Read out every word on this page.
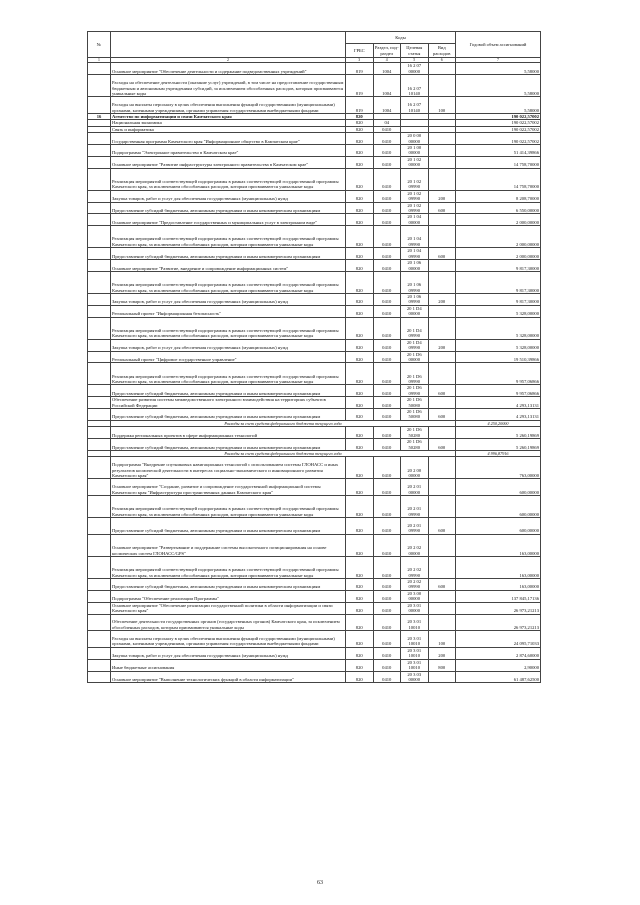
№		Коды				Годовой объем ассигнований
		ГРБС	Раздел, под-раздел	Целевая статья	Вид расходов	
1	2	3	4	5	6	7
	Основное мероприятие "Обеспечение деятельности и содержание подведомственных учреждений"	819	1004	16 2 07 00000		5,58000
	Расходы на обеспечение деятельности (оказание услуг) учреждений, в том числе на предоставление государственным бюджетным и автономным учреждениям субсидий, за исключением обособленных расходов, которым присваиваются уникальные коды	819	1004	16 2 07 10140		5,58000
	Расходы на выплаты персоналу в целях обеспечения выполнения функций государственными (муниципальными) органами, казенными учреждениями, органами управления государственными внебюджетными фондами	819	1004	16 2 07 10140	100	5,58000
16	Агентство по информатизации и связи Камчатского края	820				190 022,57002
	Национальная экономика	820	04			190 022,57002
	Связь и информатика	820	0410			190 022,57002
	Государственная программа Камчатского края "Информационное общество в Камчатском крае"	820	0410	20 0 00 00000		190 022,57002
	Подпрограмма "Электронное правительство в Камчатском крае"	820	0410	20 1 00 00000		51 414,39866
	Основное мероприятие "Развитие инфраструктуры электронного правительства в Камчатском крае"	820	0410	20 1 02 00000		14 758,70000
	Реализация мероприятий соответствующей подпрограммы в рамках соответствующей государственной программы Камчатского края, за исключением обособленных расходов, которым присваиваются уникальные коды	820	0410	20 1 02 09990		14 758,70000
	Закупка товаров, работ и услуг для обеспечения государственных (муниципальных) нужд	820	0410	20 1 02 09990	200	8 208,70000
	Предоставление субсидий бюджетным, автономным учреждениям и иным некоммерческим организациям	820	0410	20 1 02 09990	600	6 550,00000
	Основное мероприятие "Предоставление государственных и муниципальных услуг в электронном виде"	820	0410	20 1 04 00000		2 000,00000
	Реализация мероприятий соответствующей подпрограммы в рамках соответствующей государственной программы Камчатского края, за исключением обособленных расходов, которым присваиваются уникальные коды	820	0410	20 1 04 09990		2 000,00000
	Предоставление субсидий бюджетным, автономным учреждениям и иным некоммерческим организациям	820	0410	20 1 04 09990	600	2 000,00000
	Основное мероприятие "Развитие, внедрение и сопровождение информационных систем"	820	0410	20 1 06 00000		9 817,30000
	Реализация мероприятий соответствующей подпрограммы в рамках соответствующей государственной программы Камчатского края, за исключением обособленных расходов, которым присваиваются уникальные коды	820	0410	20 1 06 09990		9 817,30000
	Закупка товаров, работ и услуг для обеспечения государственных (муниципальных) нужд	820	0410	20 1 06 09990	200	9 817,30000
	Региональный проект "Информационная безопасность"	820	0410	20 1 D4 00000		5 328,00000
	Реализация мероприятий соответствующей подпрограммы в рамках соответствующей государственной программы Камчатского края, за исключением обособленных расходов, которым присваиваются уникальные коды	820	0410	20 1 D4 09990		5 328,00000
	Закупка товаров, работ и услуг для обеспечения государственных (муниципальных) нужд	820	0410	20 1 D4 09990	200	5 328,00000
	Региональный проект "Цифровое государственное управление"	820	0410	20 1 D6 00000		19 510,39866
	Реализация мероприятий соответствующей подпрограммы в рамках соответствующей государственной программы Камчатского края, за исключением обособленных расходов, которым присваиваются уникальные коды	820	0410	20 1 D6 09990		9 957,06866
	Предоставление субсидий бюджетным, автономным учреждениям и иным некоммерческим организациям	820	0410	20 1 D6 09990	600	9 957,06866
	Обеспечение развития системы межведомственного электронного взаимодействия на территориях субъектов Российской Федерации	820	0410	20 1 D6 50080		4 293,13131
	Предоставление субсидий бюджетным, автономным учреждениям и иным некоммерческим организациям	820	0410	20 1 D6 50080	600	4 293,13131
	Расходы за счет средств федерального бюджета текущего года					4 250,20000
	Поддержка региональных проектов в сфере информационных технологий	820	0410	20 1 D6 50280		5 260,19869
	Предоставление субсидий бюджетным, автономным учреждениям и иным некоммерческим организациям	820	0410	20 1 D6 50280	600	5 260,19869
	Расходы за счет средств федерального бюджета текущего года					4 996,87916
	Подпрограмма "Внедрение спутниковых навигационных технологий с использованием системы ГЛОНАСС и иных результатов космической деятельности в интересах социально-экономического и инновационного развития Камчатского края"	820	0410	20 2 00 00000		763,00000
	Основное мероприятие "Создание, развитие и сопровождение государственной информационной системы Камчатского края "Инфраструктура пространственных данных Камчатского края"	820	0410	20 2 01 00000		600,00000
	Реализация мероприятий соответствующей подпрограммы в рамках соответствующей государственной программы Камчатского края, за исключением обособленных расходов, которым присваиваются уникальные коды	820	0410	20 2 01 09990		600,00000
	Предоставление субсидий бюджетным, автономным учреждениям и иным некоммерческим организациям	820	0410	20 2 01 09990	600	600,00000
	Основное мероприятие "Развертывание и поддержание системы высокоточного позиционирования на основе космических систем ГЛОНАСС/GPS"	820	0410	20 2 02 00000		163,00000
	Реализация мероприятий соответствующей подпрограммы в рамках соответствующей государственной программы Камчатского края, за исключением обособленных расходов, которым присваиваются уникальные коды	820	0410	20 2 02 09990		163,00000
	Предоставление субсидий бюджетным, автономным учреждениям и иным некоммерческим организациям	820	0410	20 2 02 09990	600	163,00000
	Подпрограмма "Обеспечение реализации Программы"	820	0410	20 3 00 00000		137 845,17136
	Основное мероприятие "Обеспечение реализации государственной политики в области информатизации и связи Камчатского края"	820	0410	20 3 01 00000		26 973,21213
	Обеспечение деятельности государственных органов (государственных органов) Камчатского края, за исключением обособленных расходов, которым присваиваются уникальные коды	820	0410	20 3 01 10010		26 973,21213
	Расходы на выплаты персоналу в целях обеспечения выполнения функций государственными (муниципальными) органами, казенными учреждениями, органами управления государственными внебюджетными фондами	820	0410	20 3 01 10010	100	24 095,71033
	Закупка товаров, работ и услуг для обеспечения государственных (муниципальных) нужд	820	0410	20 3 01 10010	200	2 874,60000
	Иные бюджетные ассигнования	820	0410	20 3 01 10010	800	2,90000
	Основное мероприятие "Выполнение технологических функций в области информатизации"	820	0410	20 3 03 00000		61 487,62500
63
